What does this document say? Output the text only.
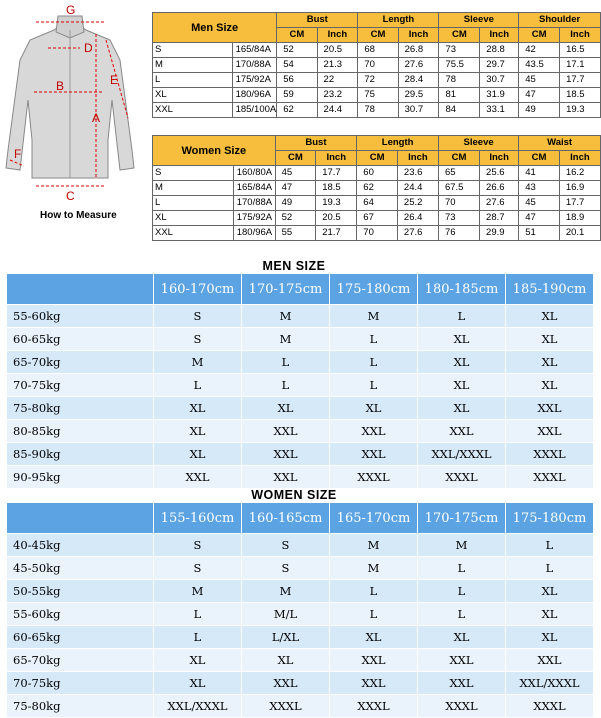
G
D
E
B
A
F
C
How to Measure
Men Size		Bust		Length		Sleeve		Shoulder	
		CM	Inch	CM	Inch	CM	Inch	CM	Inch
S	165/84A	52	20.5	68	26.8	73	28.8	42	16.5
M	170/88A	54	21.3	70	27.6	75.5	29.7	43.5	17.1
L	175/92A	56	22	72	28.4	78	30.7	45	17.7
XL	180/96A	59	23.2	75	29.5	81	31.9	47	18.5
XXL	185/100A	62	24.4	78	30.7	84	33.1	49	19.3
Women Size		Bust		Length		Sleeve		Waist	
		CM	Inch	CM	Inch	CM	Inch	CM	Inch
S	160/80A	45	17.7	60	23.6	65	25.6	41	16.2
M	165/84A	47	18.5	62	24.4	67.5	26.6	43	16.9
L	170/88A	49	19.3	64	25.2	70	27.6	45	17.7
XL	175/92A	52	20.5	67	26.4	73	28.7	47	18.9
XXL	180/96A	55	21.7	70	27.6	76	29.9	51	20.1
MEN SIZE
	160-170cm	170-175cm	175-180cm	180-185cm	185-190cm
55-60kg	S	M	M	L	XL
60-65kg	S	M	L	XL	XL
65-70kg	M	L	L	XL	XL
70-75kg	L	L	L	XL	XL
75-80kg	XL	XL	XL	XL	XXL
80-85kg	XL	XXL	XXL	XXL	XXL
85-90kg	XL	XXL	XXL	XXL/XXXL	XXXL
90-95kg	XXL	XXL	XXXL	XXXL	XXXL
WOMEN SIZE
	155-160cm	160-165cm	165-170cm	170-175cm	175-180cm
40-45kg	S	S	M	M	L
45-50kg	S	S	M	L	L
50-55kg	M	M	L	L	XL
55-60kg	L	M/L	L	L	XL
60-65kg	L	L/XL	XL	XL	XL
65-70kg	XL	XL	XXL	XXL	XXL
70-75kg	XL	XXL	XXL	XXL	XXL/XXXL
75-80kg	XXL/XXXL	XXXL	XXXL	XXXL	XXXL
